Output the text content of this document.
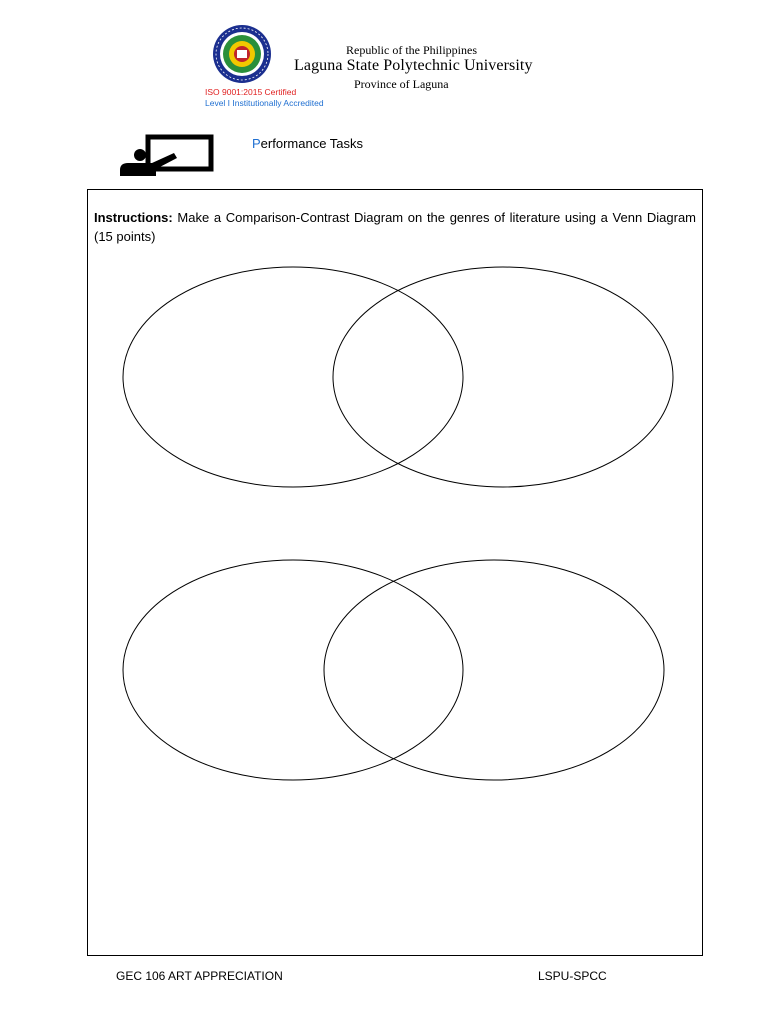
Republic of the Philippines
Laguna State Polytechnic University
Province of Laguna
ISO 9001:2015 Certified
Level I Institutionally Accredited
Performance Tasks
Instructions: Make a Comparison-Contrast Diagram on the genres of literature using a Venn Diagram (15 points)
GEC 106 ART APPRECIATION	LSPU-SPCC
